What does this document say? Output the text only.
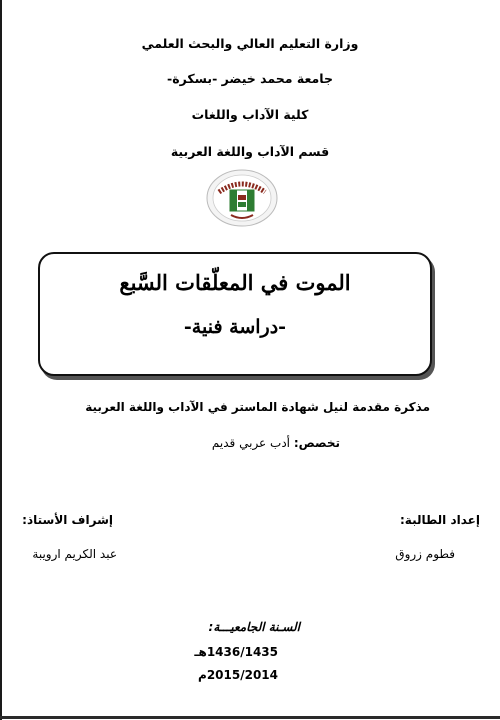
وزارة التعليم العالي والبحث العلمي
جامعة محمد خيضر -بسكرة-
كلية الآداب واللغات
قسم الآداب واللغة العربية
الموت في المعلّقات السَّبع
-دراسة فنية-
مذكرة مقدمة لنيل شهادة الماستر في الآداب واللغة العربية
تخصص: أدب عربي قديم
إعداد الطالبة:
إشراف الأستاذ:
فطوم زروق
عبد الكريم ارويبة
السـنة الجامعيـــة:
1436/1435هـ
2015/2014م
